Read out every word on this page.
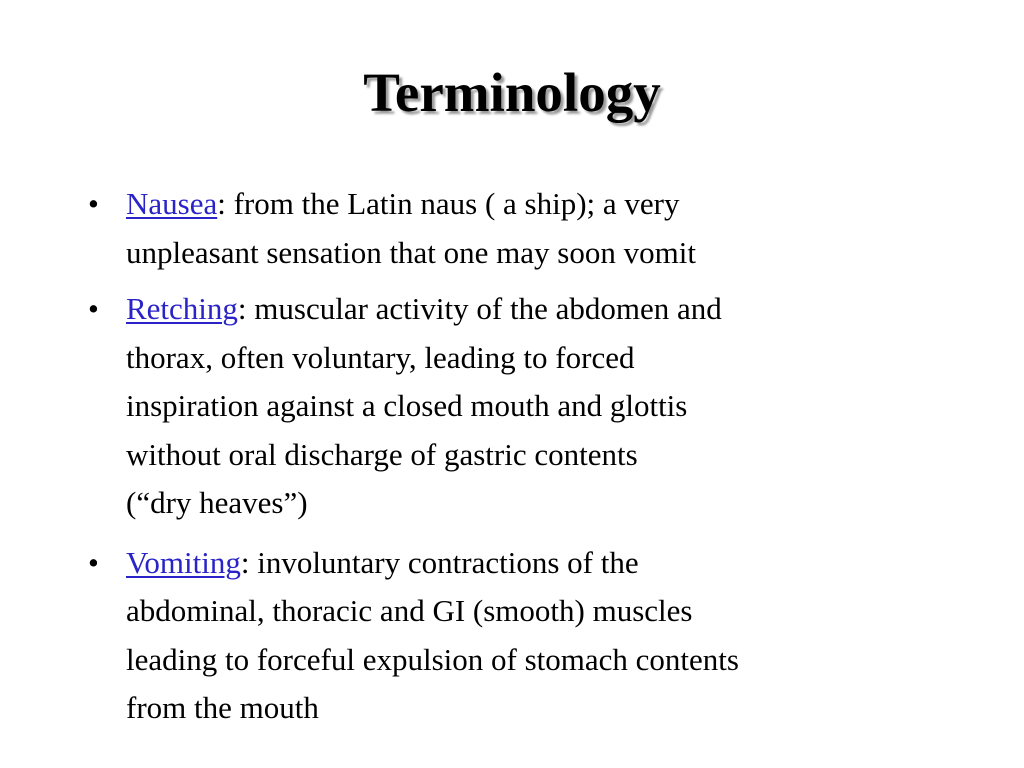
Terminology
• Nausea: from the Latin naus ( a ship); a very
unpleasant sensation that one may soon vomit
• Retching: muscular activity of the abdomen and
thorax, often voluntary, leading to forced
inspiration against a closed mouth and glottis
without oral discharge of gastric contents
(“dry heaves”)
• Vomiting: involuntary contractions of the
abdominal, thoracic and GI (smooth) muscles
leading to forceful expulsion of stomach contents
from the mouth
